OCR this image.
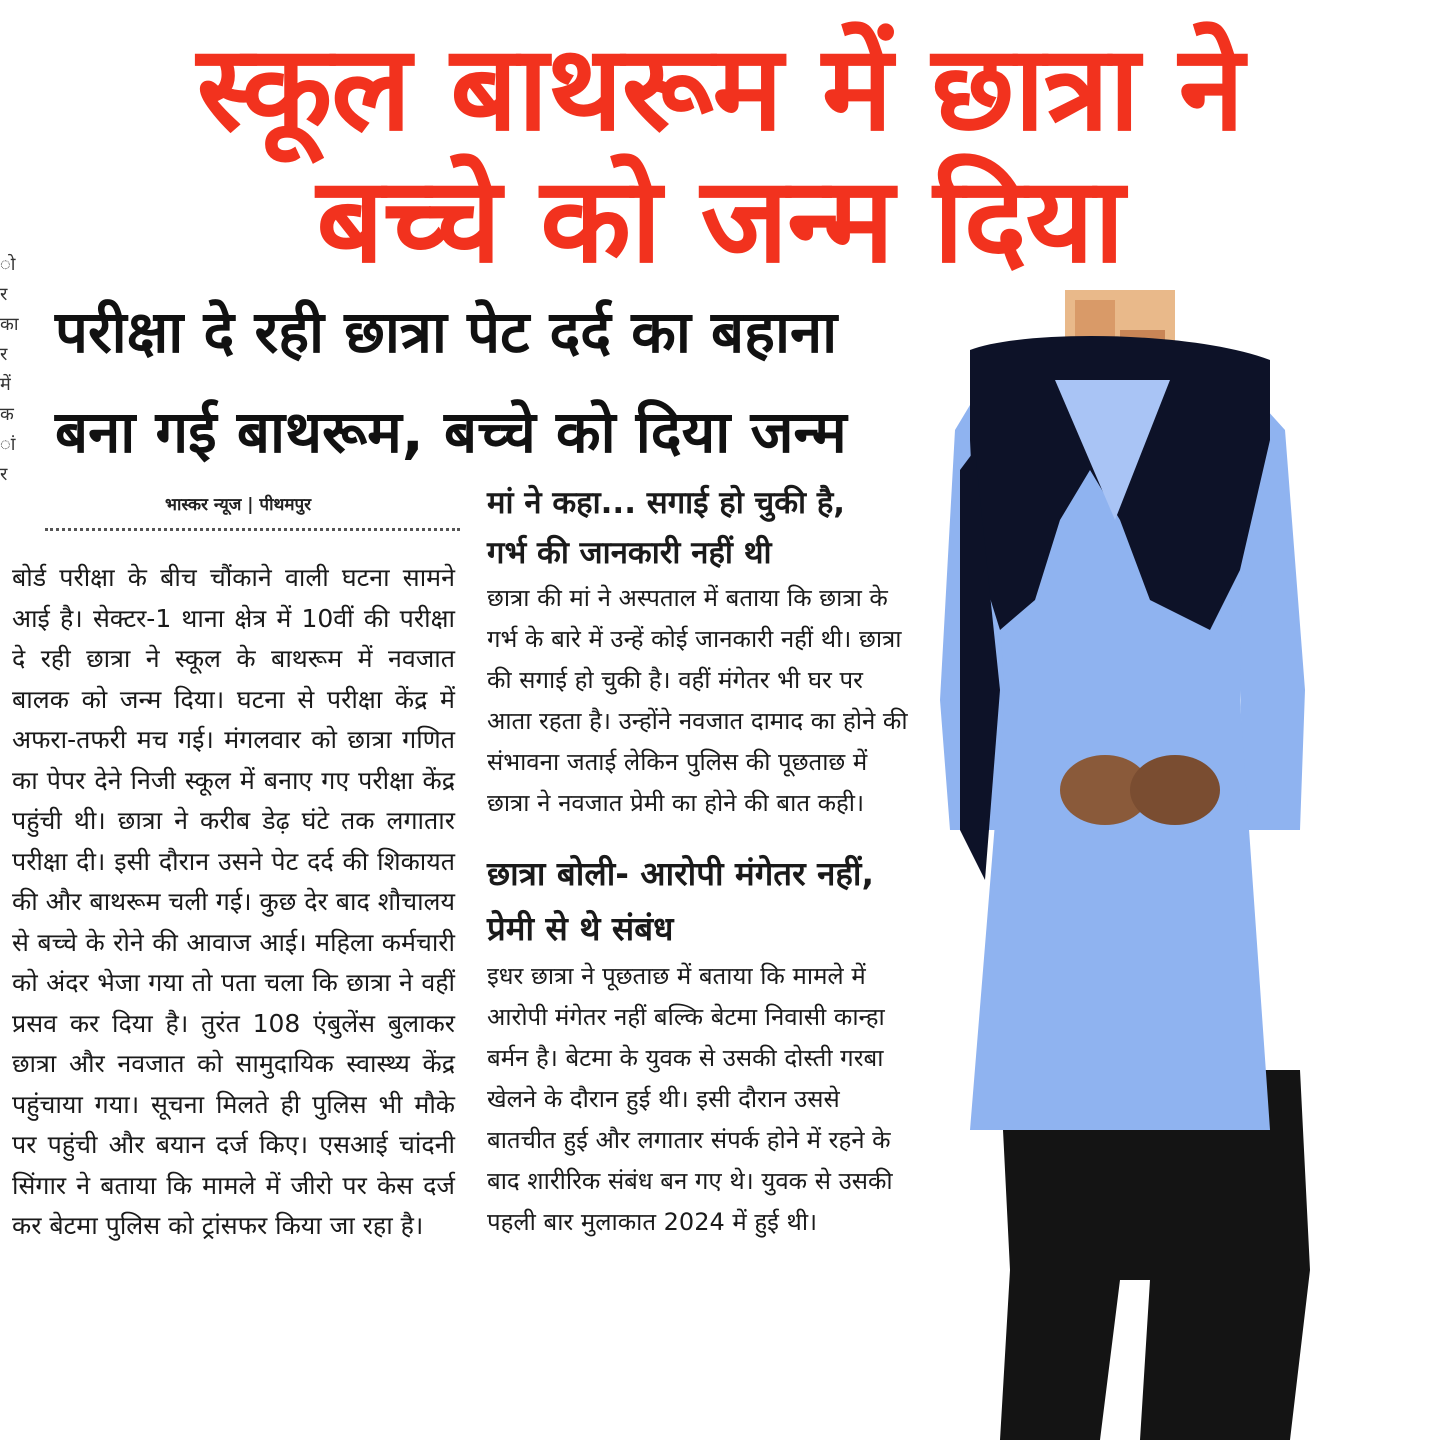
स्कूल बाथरूम में छात्रा ने
बच्चे को जन्म दिया
ो र का र में क ां र
परीक्षा दे रही छात्रा पेट दर्द का बहाना
बना गई बाथरूम, बच्चे को दिया जन्म
भास्कर न्यूज | पीथमपुर

बोर्ड परीक्षा के बीच चौंकाने वाली घटना सामने आई है। सेक्टर-1 थाना क्षेत्र में 10वीं की परीक्षा दे रही छात्रा ने स्कूल के बाथरूम में नवजात बालक को जन्म दिया। घटना से परीक्षा केंद्र में अफरा-तफरी मच गई। मंगलवार को छात्रा गणित का पेपर देने निजी स्कूल में बनाए गए परीक्षा केंद्र पहुंची थी। छात्रा ने करीब डेढ़ घंटे तक लगातार परीक्षा दी। इसी दौरान उसने पेट दर्द की शिकायत की और बाथरूम चली गई। कुछ देर बाद शौचालय से बच्चे के रोने की आवाज आई। महिला कर्मचारी को अंदर भेजा गया तो पता चला कि छात्रा ने वहीं प्रसव कर दिया है। तुरंत 108 एंबुलेंस बुलाकर छात्रा और नवजात को सामुदायिक स्वास्थ्य केंद्र पहुंचाया गया। सूचना मिलते ही पुलिस भी मौके पर पहुंची और बयान दर्ज किए। एसआई चांदनी सिंगार ने बताया कि मामले में जीरो पर केस दर्ज कर बेटमा पुलिस को ट्रांसफर किया जा रहा है।

मां ने कहा... सगाई हो चुकी है,
गर्भ की जानकारी नहीं थी

छात्रा की मां ने अस्पताल में बताया कि छात्रा के गर्भ के बारे में उन्हें कोई जानकारी नहीं थी। छात्रा की सगाई हो चुकी है। वहीं मंगेतर भी घर पर आता रहता है। उन्होंने नवजात दामाद का होने की संभावना जताई लेकिन पुलिस की पूछताछ में छात्रा ने नवजात प्रेमी का होने की बात कही।

छात्रा बोली- आरोपी मंगेतर नहीं,
प्रेमी से थे संबंध

इधर छात्रा ने पूछताछ में बताया कि मामले में आरोपी मंगेतर नहीं बल्कि बेटमा निवासी कान्हा बर्मन है। बेटमा के युवक से उसकी दोस्ती गरबा खेलने के दौरान हुई थी। इसी दौरान उससे बातचीत हुई और लगातार संपर्क होने में रहने के बाद शारीरिक संबंध बन गए थे। युवक से उसकी पहली बार मुलाकात 2024 में हुई थी।
